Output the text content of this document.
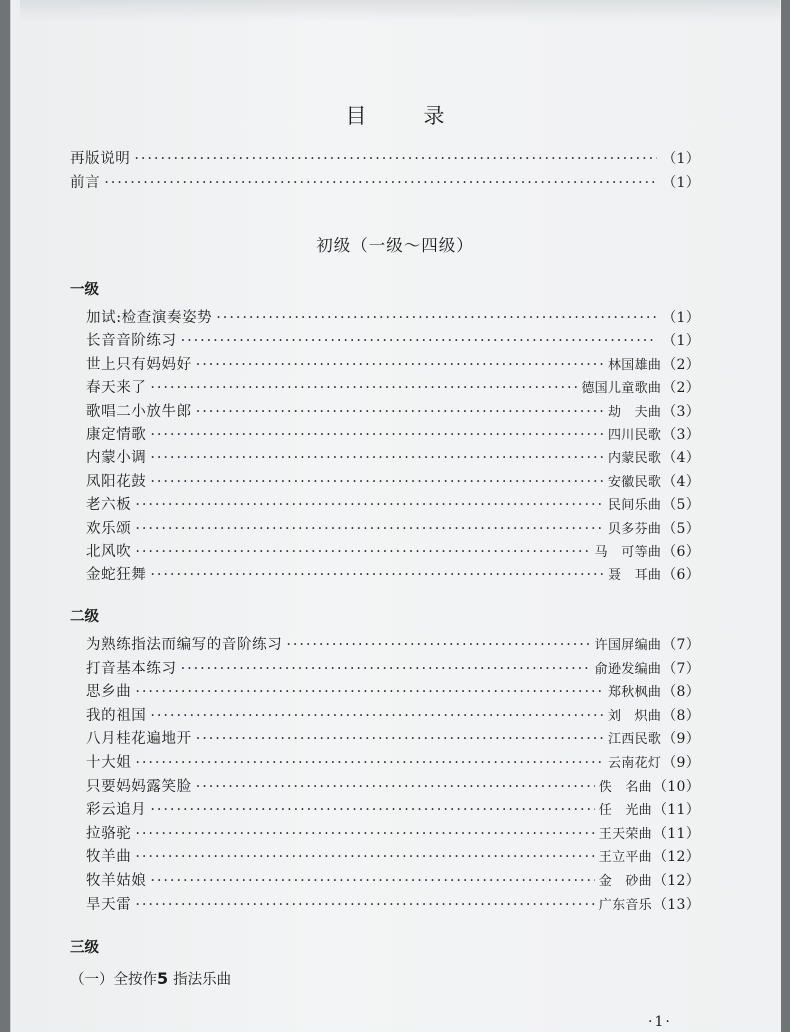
目　录
再版说明 ·····	（1）
前言 ·····	（1）
初级（一级～四级）
一级
加试:检查演奏姿势 ·····	（1）
长音音阶练习 ·····	（1）
世上只有妈妈好 ·····	林国雄曲（2）
春天来了 ·····	德国儿童歌曲（2）
歌唱二小放牛郎 ·····	劫　夫曲（3）
康定情歌 ·····	四川民歌（3）
内蒙小调 ·····	内蒙民歌（4）
凤阳花鼓 ·····	安徽民歌（4）
老六板 ·····	民间乐曲（5）
欢乐颂 ·····	贝多芬曲（5）
北风吹 ·····	马　可等曲（6）
金蛇狂舞 ·····	聂　耳曲（6）
二级
为熟练指法而编写的音阶练习 ·····	许国屏编曲（7）
打音基本练习 ·····	俞逊发编曲（7）
思乡曲 ·····	郑秋枫曲（8）
我的祖国 ·····	刘　炽曲（8）
八月桂花遍地开 ·····	江西民歌（9）
十大姐 ·····	云南花灯（9）
只要妈妈露笑脸 ·····	佚　名曲（10）
彩云追月 ·····	任　光曲（11）
拉骆驼 ·····	王天荣曲（11）
牧羊曲 ·····	王立平曲（12）
牧羊姑娘 ·····	金　砂曲（12）
旱天雷 ·····	广东音乐（13）
三级
（一）全按作5 指法乐曲
·1·
